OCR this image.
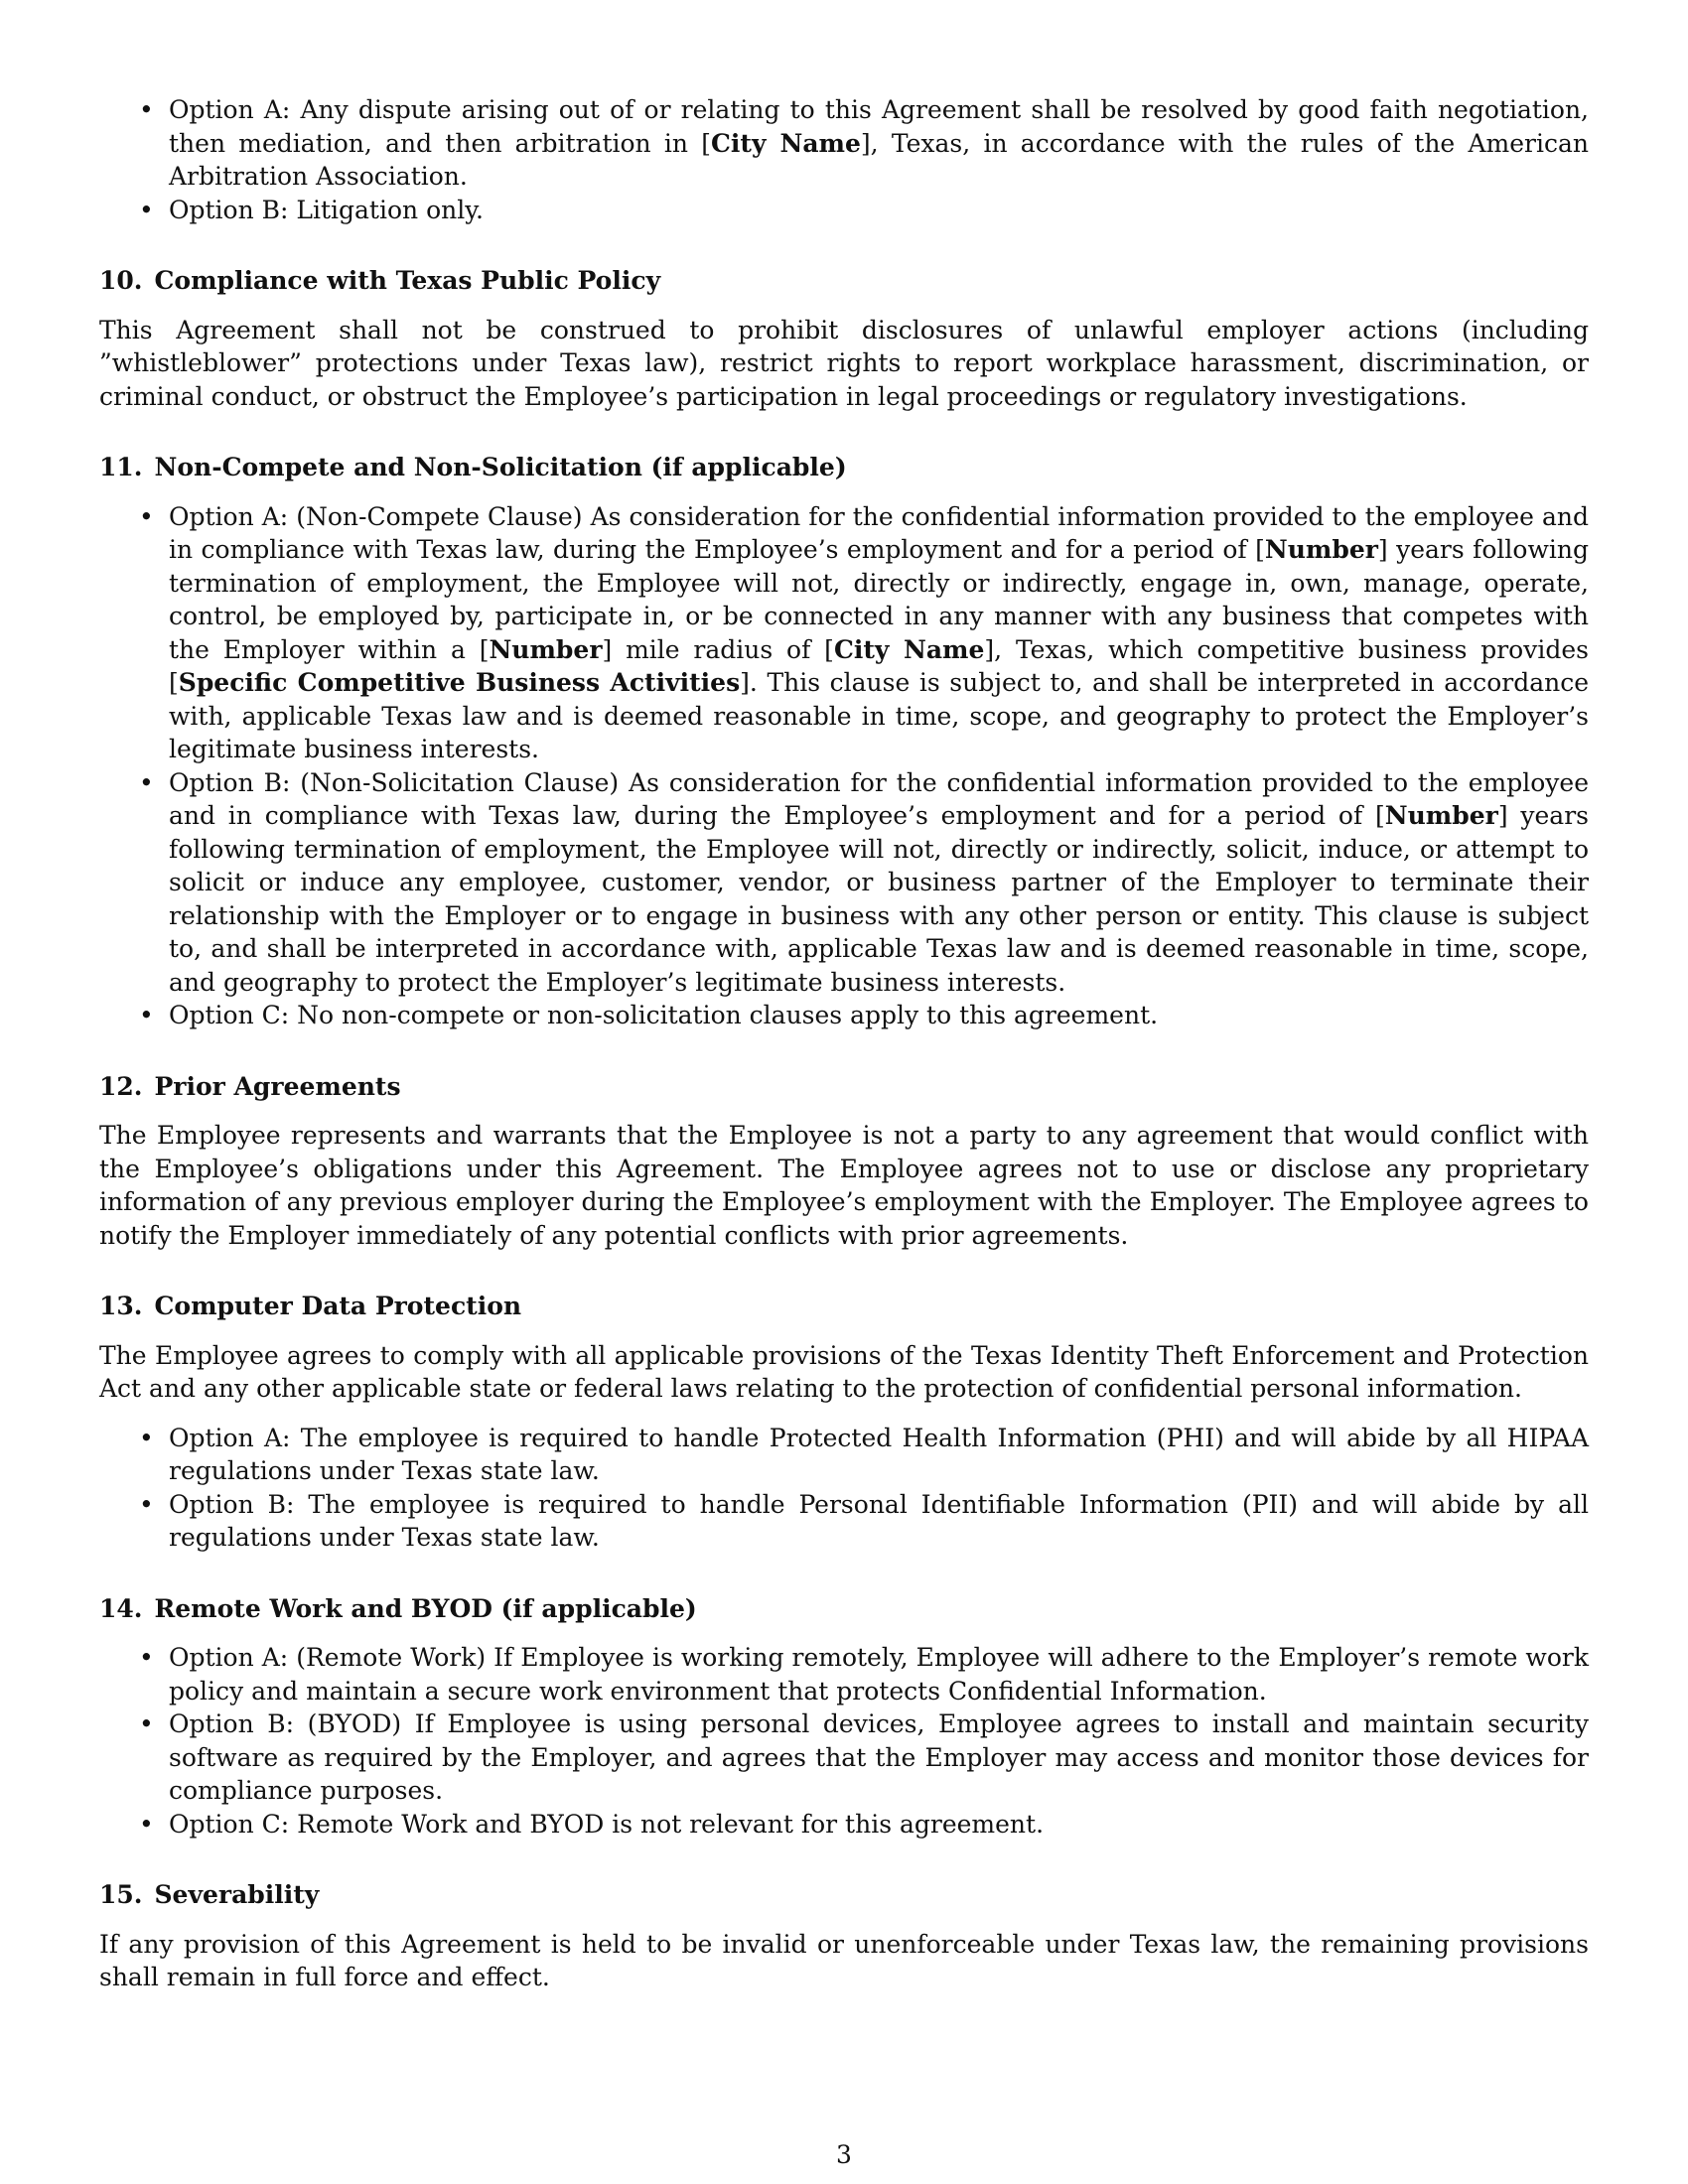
• Option A: Any dispute arising out of or relating to this Agreement shall be resolved by good faith negotiation, then mediation, and then arbitration in [City Name], Texas, in accordance with the rules of the American Arbitration Association.
• Option B: Litigation only.
10. Compliance with Texas Public Policy

This Agreement shall not be construed to prohibit disclosures of unlawful employer actions (including ”whistleblower” protections under Texas law), restrict rights to report workplace harassment, discrimination, or criminal conduct, or obstruct the Employee’s participation in legal proceedings or regulatory investigations.

11. Non-Compete and Non-Solicitation (if applicable)
• Option A: (Non-Compete Clause) As consideration for the confidential information provided to the employee and in compliance with Texas law, during the Employee’s employment and for a period of [Number] years following termination of employment, the Employee will not, directly or indirectly, engage in, own, manage, operate, control, be employed by, participate in, or be connected in any manner with any business that competes with the Employer within a [Number] mile radius of [City Name], Texas, which competitive business provides [Specific Competitive Business Activities]. This clause is subject to, and shall be interpreted in accordance with, applicable Texas law and is deemed reasonable in time, scope, and geography to protect the Employer’s legitimate business interests.
• Option B: (Non-Solicitation Clause) As consideration for the confidential information provided to the employee and in compliance with Texas law, during the Employee’s employment and for a period of [Number] years following termination of employment, the Employee will not, directly or indirectly, solicit, induce, or attempt to solicit or induce any employee, customer, vendor, or business partner of the Employer to terminate their relationship with the Employer or to engage in business with any other person or entity. This clause is subject to, and shall be interpreted in accordance with, applicable Texas law and is deemed reasonable in time, scope, and geography to protect the Employer’s legitimate business interests.
• Option C: No non-compete or non-solicitation clauses apply to this agreement.
12. Prior Agreements

The Employee represents and warrants that the Employee is not a party to any agreement that would conflict with the Employee’s obligations under this Agreement. The Employee agrees not to use or disclose any proprietary information of any previous employer during the Employee’s employment with the Employer. The Employee agrees to notify the Employer immediately of any potential conflicts with prior agreements.

13. Computer Data Protection

The Employee agrees to comply with all applicable provisions of the Texas Identity Theft Enforcement and Protection Act and any other applicable state or federal laws relating to the protection of confidential personal information.

• Option A: The employee is required to handle Protected Health Information (PHI) and will abide by all HIPAA regulations under Texas state law.
• Option B: The employee is required to handle Personal Identifiable Information (PII) and will abide by all regulations under Texas state law.
14. Remote Work and BYOD (if applicable)
• Option A: (Remote Work) If Employee is working remotely, Employee will adhere to the Employer’s remote work policy and maintain a secure work environment that protects Confidential Information.
• Option B: (BYOD) If Employee is using personal devices, Employee agrees to install and maintain security software as required by the Employer, and agrees that the Employer may access and monitor those devices for compliance purposes.
• Option C: Remote Work and BYOD is not relevant for this agreement.
15. Severability

If any provision of this Agreement is held to be invalid or unenforceable under Texas law, the remaining provisions shall remain in full force and effect.

3
